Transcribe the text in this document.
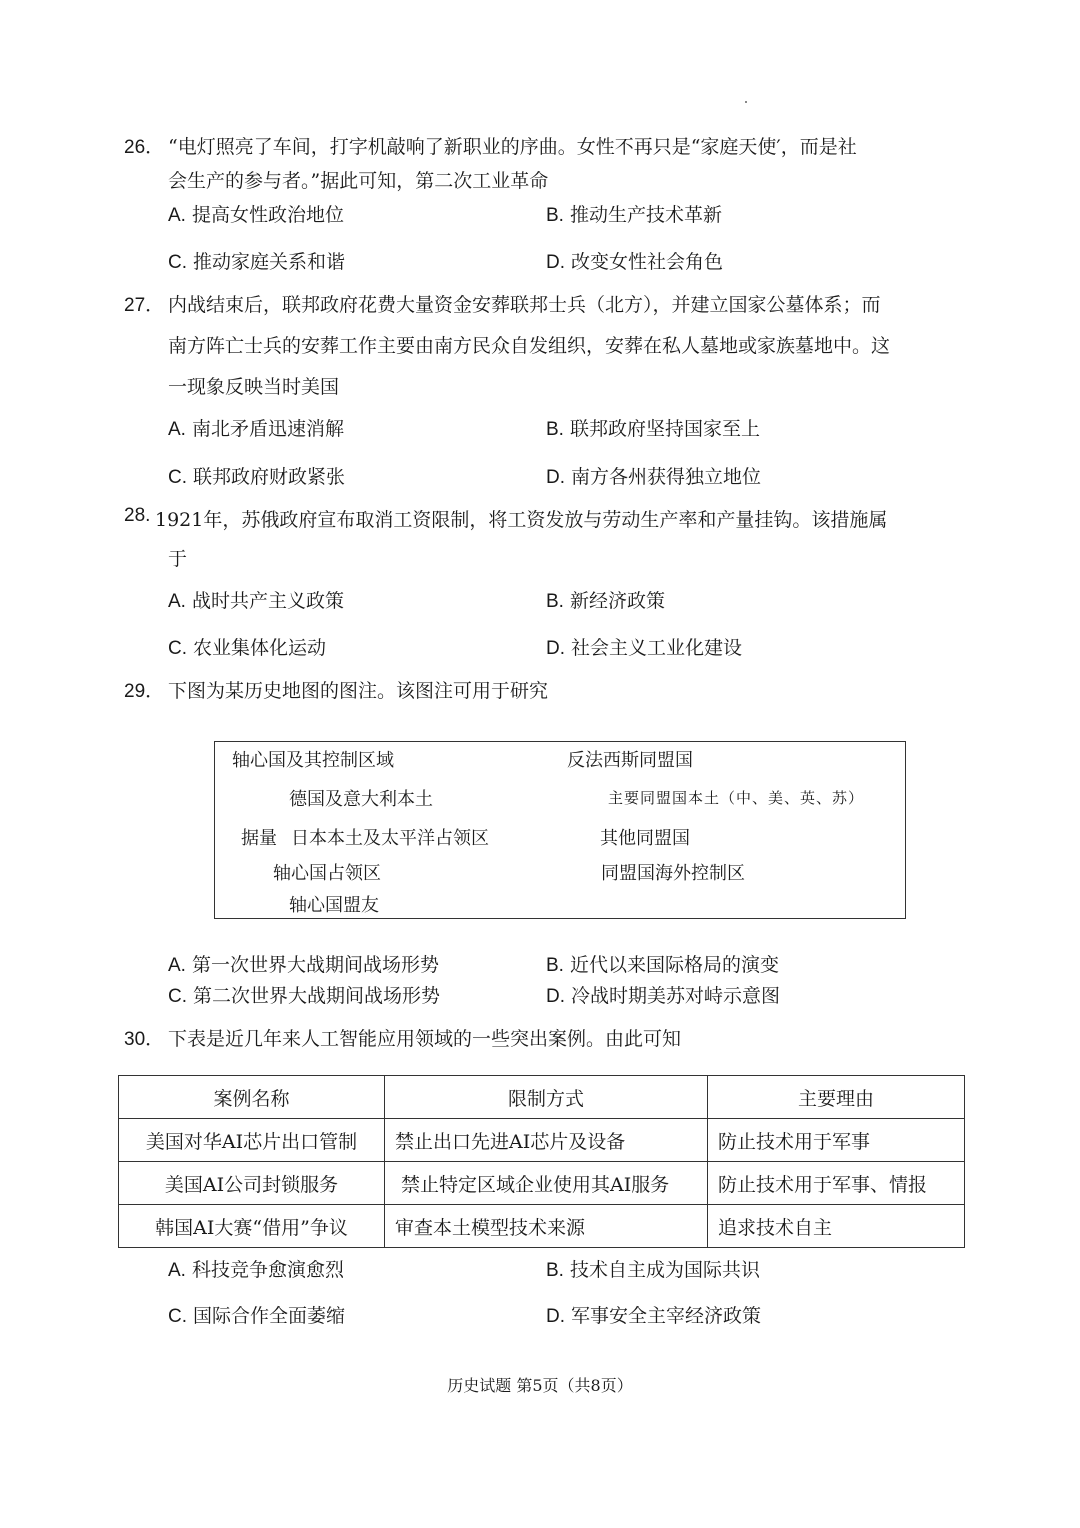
26． “电灯照亮了车间，打字机敲响了新职业的序曲。女性不再只是“家庭天使′，而是社
会生产的参与者。”据此可知，第二次工业革命
A. 提高女性政治地位	B. 推动生产技术革新
C. 推动家庭关系和谐	D. 改变女性社会角色
27． 内战结束后，联邦政府花费大量资金安葬联邦士兵（北方），并建立国家公墓体系；而
南方阵亡士兵的安葬工作主要由南方民众自发组织，安葬在私人墓地或家族墓地中。这
一现象反映当时美国
A. 南北矛盾迅速消解	B. 联邦政府坚持国家至上
C. 联邦政府财政紧张	D. 南方各州获得独立地位
28. 1921年，苏俄政府宣布取消工资限制，将工资发放与劳动生产率和产量挂钩。该措施属
于
A. 战时共产主义政策	B. 新经济政策
C. 农业集体化运动	D. 社会主义工业化建设
29． 下图为某历史地图的图注。该图注可用于研究
轴心国及其控制区域
德国及意大利本土
据量 日本本土及太平洋占领区
轴心国占领区
轴心国盟友
反法西斯同盟国
主要同盟国本土（中、美、英、苏）
其他同盟国
同盟国海外控制区
A. 第一次世界大战期间战场形势	B. 近代以来国际格局的演变
C. 第二次世界大战期间战场形势	D. 冷战时期美苏对峙示意图
30． 下表是近几年来人工智能应用领域的一些突出案例。由此可知
案例名称	限制方式	主要理由
美国对华AI芯片出口管制	禁止出口先进AI芯片及设备	防止技术用于军事
美国AI公司封锁服务	禁止特定区域企业使用其AI服务	防止技术用于军事、情报
韩国AI大赛“借用”争议	审查本土模型技术来源	追求技术自主
A. 科技竞争愈演愈烈	B. 技术自主成为国际共识
C. 国际合作全面萎缩	D. 军事安全主宰经济政策
历史试题 第5页（共8页）
